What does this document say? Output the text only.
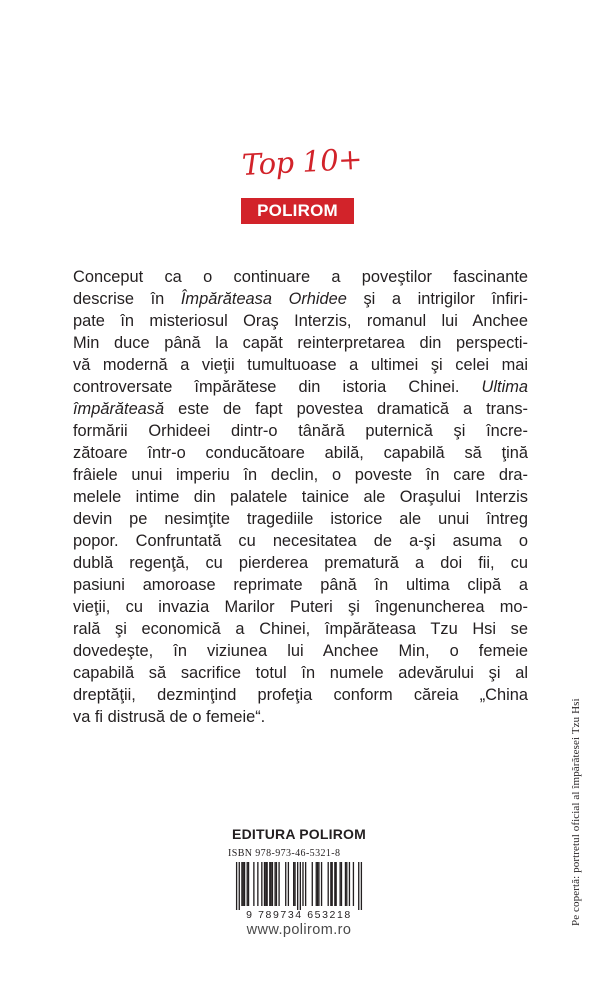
Top 10+
POLIROM
Conceput ca o continuare a poveştilor fascinante
descrise în Împărăteasa Orhidee şi a intrigilor înfiri-
pate în misteriosul Oraş Interzis, romanul lui Anchee
Min duce până la capăt reinterpretarea din perspecti-
vă modernă a vieţii tumultuoase a ultimei şi celei mai
controversate împărătese din istoria Chinei. Ultima
împărăteasă este de fapt povestea dramatică a trans-
formării Orhideei dintr-o tânără puternică şi încre-
zătoare într-o conducătoare abilă, capabilă să ţină
frâiele unui imperiu în declin, o poveste în care dra-
melele intime din palatele tainice ale Oraşului Interzis
devin pe nesimţite tragediile istorice ale unui întreg
popor. Confruntată cu necesitatea de a-şi asuma o
dublă regenţă, cu pierderea prematură a doi fii, cu
pasiuni amoroase reprimate până în ultima clipă a
vieţii, cu invazia Marilor Puteri şi îngenuncherea mo-
rală şi economică a Chinei, împărăteasa Tzu Hsi se
dovedeşte, în viziunea lui Anchee Min, o femeie
capabilă să sacrifice totul în numele adevărului şi al
dreptăţii, dezminţind profeţia conform căreia „China
va fi distrusă de o femeie“.
EDITURA POLIROM
ISBN 978-973-46-5321-8
9 789734 653218
www.polirom.ro
Pe copertă: portretul oficial al împărătesei Tzu Hsi
